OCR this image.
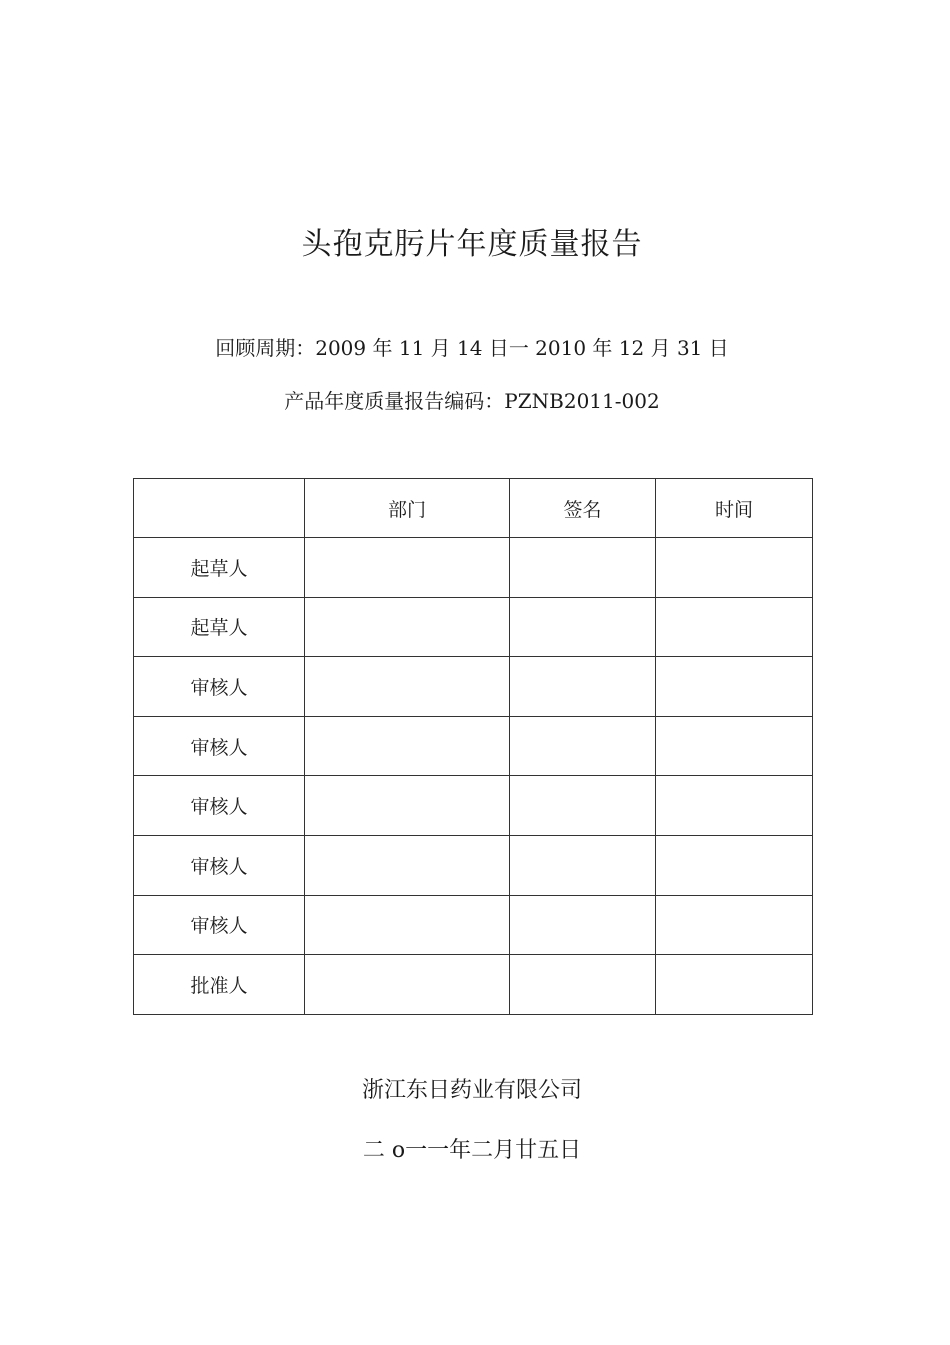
头孢克肟片年度质量报告
回顾周期：2009 年 11 月 14 日一 2010 年 12 月 31 日
产品年度质量报告编码：PZNB2011-002
	部门	签名	时间
起草人			
起草人			
审核人			
审核人			
审核人			
审核人			
审核人			
批准人			
浙江东日药业有限公司
二 o一一年二月廿五日
